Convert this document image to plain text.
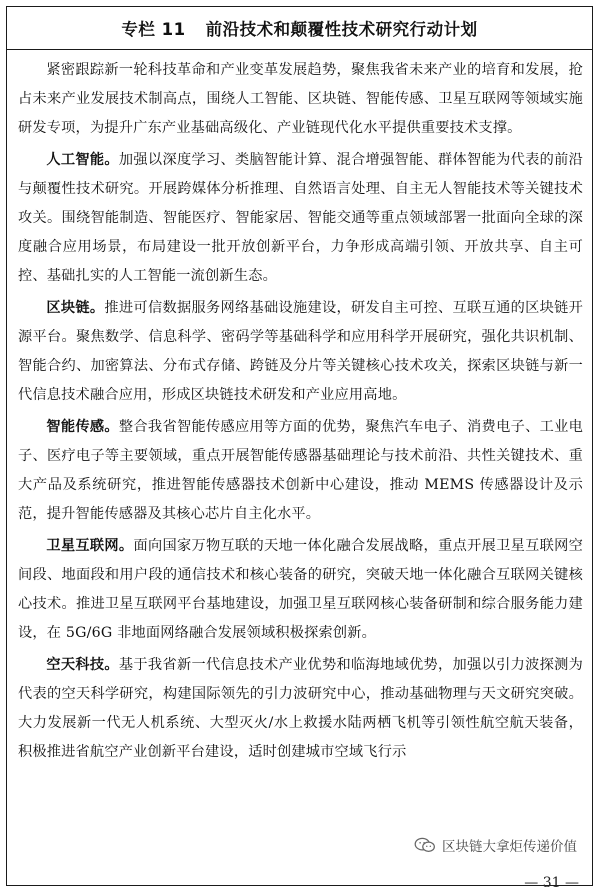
专栏 11 前沿技术和颠覆性技术研究行动计划

紧密跟踪新一轮科技革命和产业变革发展趋势，聚焦我省未来产业的培育和发展，抢占未来产业发展技术制高点，围绕人工智能、区块链、智能传感、卫星互联网等领域实施研发专项，为提升广东产业基础高级化、产业链现代化水平提供重要技术支撑。

人工智能。加强以深度学习、类脑智能计算、混合增强智能、群体智能为代表的前沿与颠覆性技术研究。开展跨媒体分析推理、自然语言处理、自主无人智能技术等关键技术攻关。围绕智能制造、智能医疗、智能家居、智能交通等重点领域部署一批面向全球的深度融合应用场景，布局建设一批开放创新平台，力争形成高端引领、开放共享、自主可控、基础扎实的人工智能一流创新生态。

区块链。推进可信数据服务网络基础设施建设，研发自主可控、互联互通的区块链开源平台。聚焦数学、信息科学、密码学等基础科学和应用科学开展研究，强化共识机制、智能合约、加密算法、分布式存储、跨链及分片等关键核心技术攻关，探索区块链与新一代信息技术融合应用，形成区块链技术研发和产业应用高地。

智能传感。整合我省智能传感应用等方面的优势，聚焦汽车电子、消费电子、工业电子、医疗电子等主要领域，重点开展智能传感器基础理论与技术前沿、共性关键技术、重大产品及系统研究，推进智能传感器技术创新中心建设，推动 MEMS 传感器设计及示范，提升智能传感器及其核心芯片自主化水平。

卫星互联网。面向国家万物互联的天地一体化融合发展战略，重点开展卫星互联网空间段、地面段和用户段的通信技术和核心装备的研究，突破天地一体化融合互联网关键核心技术。推进卫星互联网平台基地建设，加强卫星互联网核心装备研制和综合服务能力建设，在 5G/6G 非地面网络融合发展领域积极探索创新。

空天科技。基于我省新一代信息技术产业优势和临海地域优势，加强以引力波探测为代表的空天科学研究，构建国际领先的引力波研究中心，推动基础物理与天文研究突破。大力发展新一代无人机系统、大型灭火/水上救援水陆两栖飞机等引领性航空航天装备，积极推进省航空产业创新平台建设，适时创建城市空域飞行示

区块链大拿炬传递价值
— 31 —
